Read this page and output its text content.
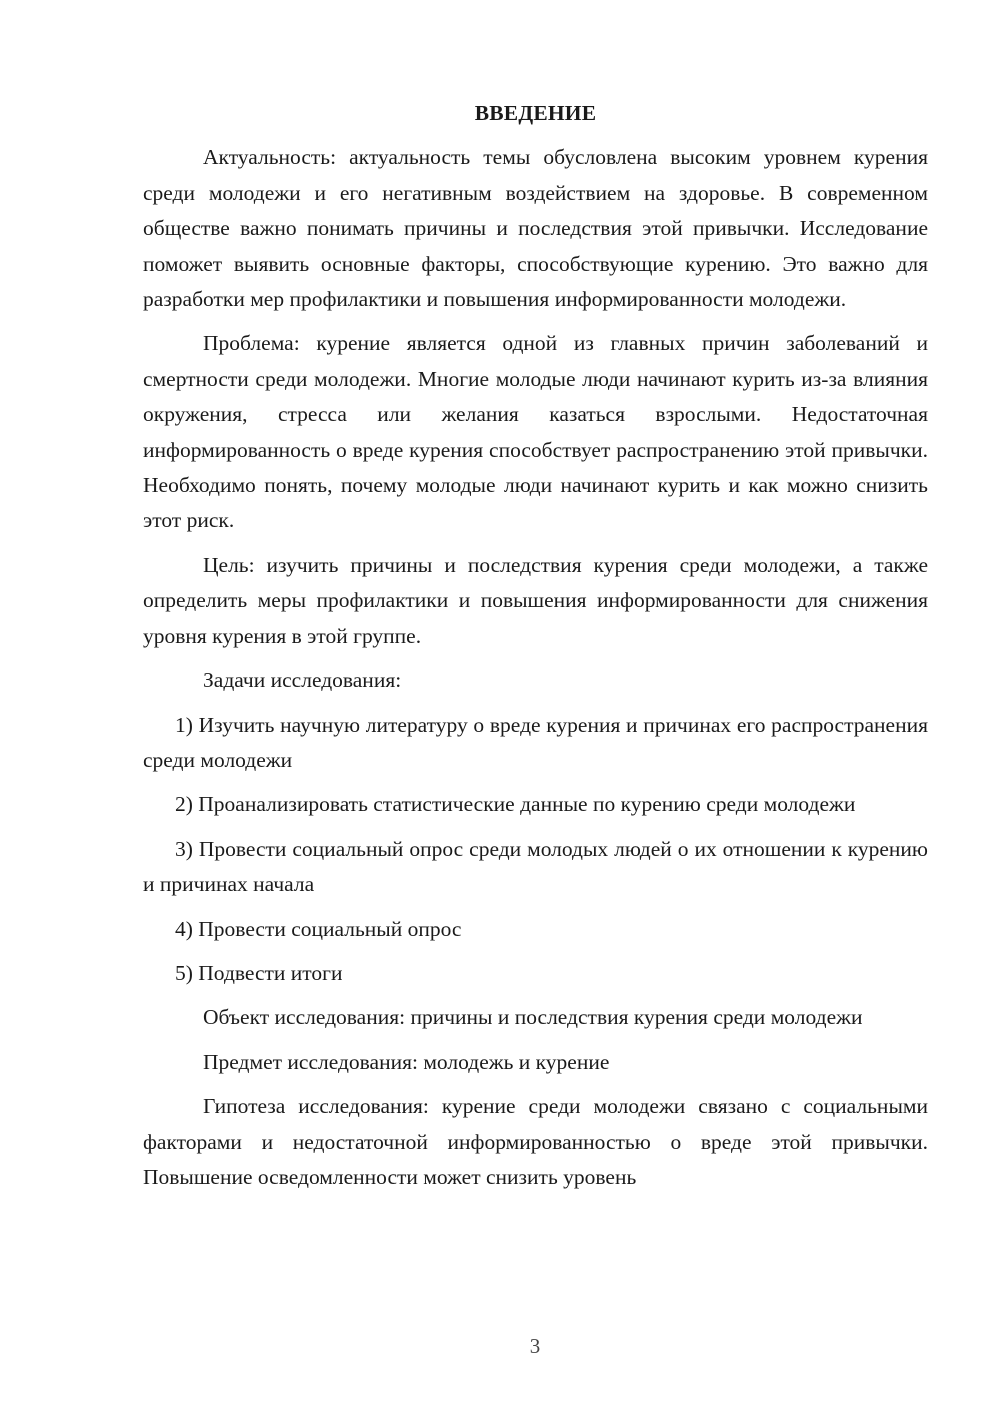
ВВЕДЕНИЕ

Актуальность: актуальность темы обусловлена высоким уровнем курения среди молодежи и его негативным воздействием на здоровье. В современном обществе важно понимать причины и последствия этой привычки. Исследование поможет выявить основные факторы, способствующие курению. Это важно для разработки мер профилактики и повышения информированности молодежи.

Проблема: курение является одной из главных причин заболеваний и смертности среди молодежи. Многие молодые люди начинают курить из-за влияния окружения, стресса или желания казаться взрослыми. Недостаточная информированность о вреде курения способствует распространению этой привычки. Необходимо понять, почему молодые люди начинают курить и как можно снизить этот риск.

Цель: изучить причины и последствия курения среди молодежи, а также определить меры профилактики и повышения информированности для снижения уровня курения в этой группе.

Задачи исследования:

1) Изучить научную литературу о вреде курения и причинах его распространения среди молодежи

2) Проанализировать статистические данные по курению среди молодежи

3) Провести социальный опрос среди молодых людей о их отношении к курению и причинах начала

4) Провести социальный опрос

5) Подвести итоги

Объект исследования: причины и последствия курения среди молодежи

Предмет исследования: молодежь и курение

Гипотеза исследования: курение среди молодежи связано с социальными факторами и недостаточной информированностью о вреде этой привычки. Повышение осведомленности может снизить уровень

3
